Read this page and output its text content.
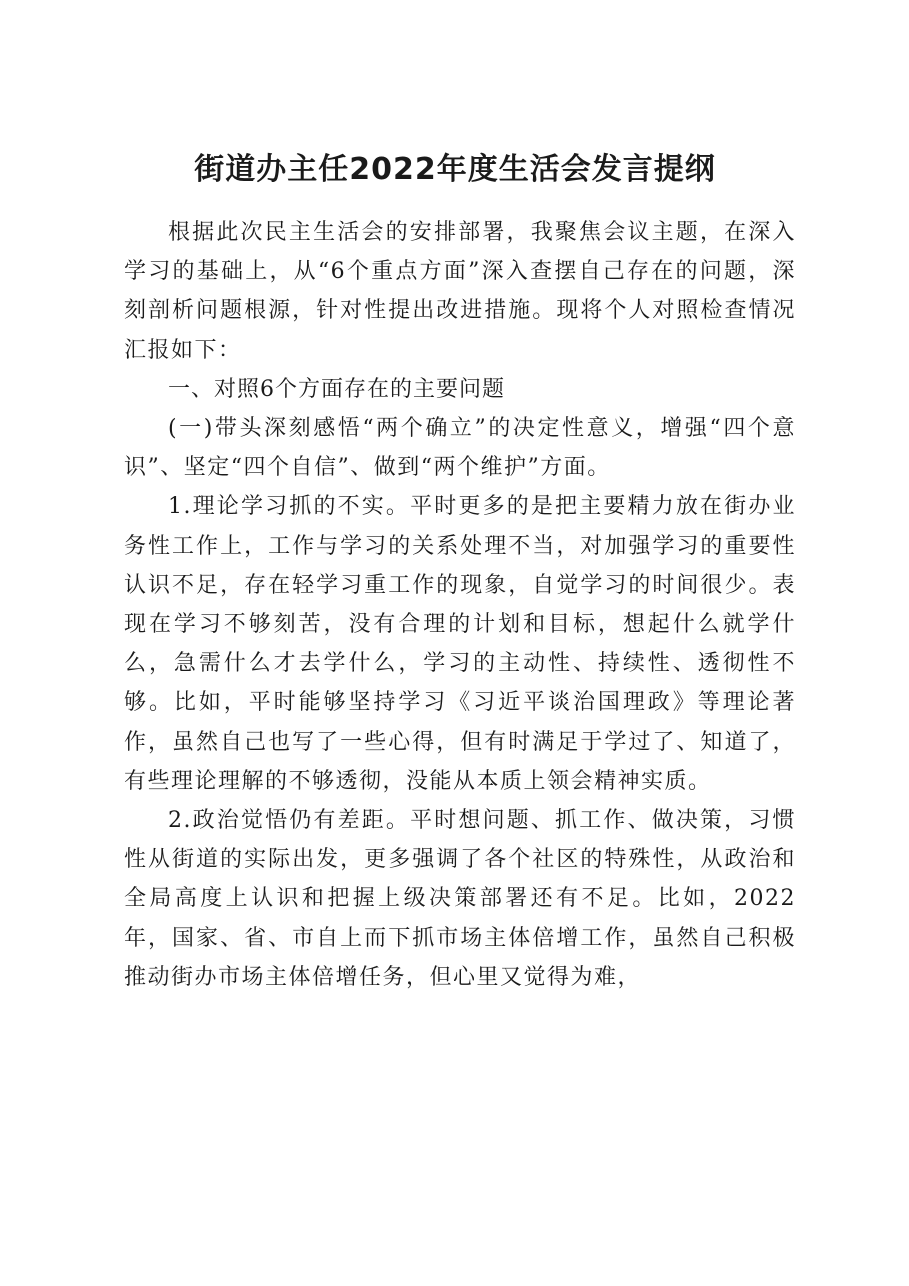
街道办主任2022年度生活会发言提纲

根据此次民主生活会的安排部署，我聚焦会议主题，在深入学习的基础上，从“6个重点方面”深入查摆自己存在的问题，深刻剖析问题根源，针对性提出改进措施。现将个人对照检查情况汇报如下：

一、对照6个方面存在的主要问题

(一)带头深刻感悟“两个确立”的决定性意义，增强“四个意识”、坚定“四个自信”、做到“两个维护”方面。

1.理论学习抓的不实。平时更多的是把主要精力放在街办业务性工作上，工作与学习的关系处理不当，对加强学习的重要性认识不足，存在轻学习重工作的现象，自觉学习的时间很少。表现在学习不够刻苦，没有合理的计划和目标，想起什么就学什么，急需什么才去学什么，学习的主动性、持续性、透彻性不够。比如，平时能够坚持学习《习近平谈治国理政》等理论著作，虽然自己也写了一些心得，但有时满足于学过了、知道了，有些理论理解的不够透彻，没能从本质上领会精神实质。

2.政治觉悟仍有差距。平时想问题、抓工作、做决策，习惯性从街道的实际出发，更多强调了各个社区的特殊性，从政治和全局高度上认识和把握上级决策部署还有不足。比如，2022年，国家、省、市自上而下抓市场主体倍增工作，虽然自己积极推动街办市场主体倍增任务，但心里又觉得为难，
